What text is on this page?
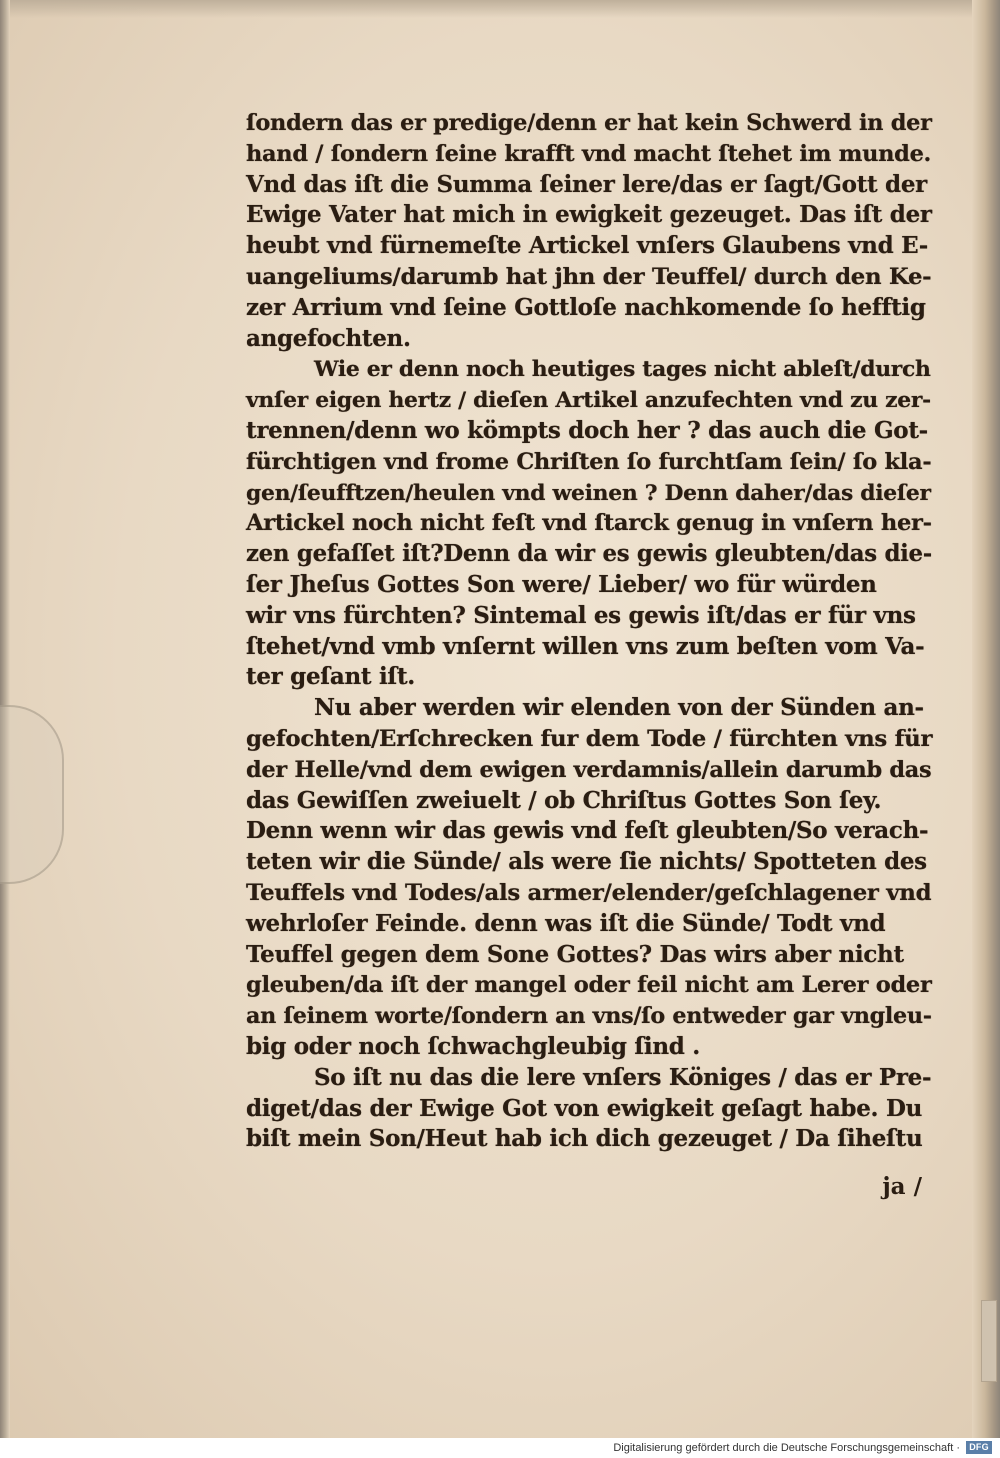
ſondern das er predige/denn er hat kein Schwerd in der
hand / ſondern ſeine krafft vnd macht ſtehet im munde.
Vnd das iſt die Summa ſeiner lere/das er ſagt/Gott der
Ewige Vater hat mich in ewigkeit gezeuget. Das iſt der
heubt vnd fürnemeſte Artickel vnſers Glaubens vnd E-
uangeliums/darumb hat jhn der Teuffel/ durch den Ke-
zer Arrium vnd ſeine Gottloſe nachkomende ſo hefftig
angefochten.
Wie er denn noch heutiges tages nicht ableſt/durch
vnſer eigen hertz / dieſen Artikel anzufechten vnd zu zer-
trennen/denn wo kömpts doch her ? das auch die Got-
fürchtigen vnd frome Chriſten ſo furchtſam ſein/ ſo kla-
gen/ſeufftzen/heulen vnd weinen ? Denn daher/das dieſer
Artickel noch nicht feſt vnd ſtarck genug in vnſern her-
zen gefaſſet iſt?Denn da wir es gewis gleubten/das die-
ſer Jheſus Gottes Son were/ Lieber/ wo für würden
wir vns fürchten? Sintemal es gewis iſt/das er für vns
ſtehet/vnd vmb vnſernt willen vns zum beſten vom Va-
ter geſant iſt.
Nu aber werden wir elenden von der Sünden an-
gefochten/Erſchrecken fur dem Tode / fürchten vns für
der Helle/vnd dem ewigen verdamnis/allein darumb das
das Gewiſſen zweiuelt / ob Chriſtus Gottes Son ſey.
Denn wenn wir das gewis vnd feſt gleubten/So verach-
teten wir die Sünde/ als were ſie nichts/ Spotteten des
Teuffels vnd Todes/als armer/elender/geſchlagener vnd
wehrloſer Feinde. denn was iſt die Sünde/ Todt vnd
Teuffel gegen dem Sone Gottes? Das wirs aber nicht
gleuben/da iſt der mangel oder feil nicht am Lerer oder
an ſeinem worte/ſondern an vns/ſo entweder gar vngleu-
big oder noch ſchwachgleubig ſind .
So iſt nu das die lere vnſers Königes / das er Pre-
diget/das der Ewige Got von ewigkeit geſagt habe. Du
biſt mein Son/Heut hab ich dich gezeuget / Da ſiheſtu
ja /
Digitalisierung gefördert durch die Deutsche Forschungsgemeinschaft ·	DFG
